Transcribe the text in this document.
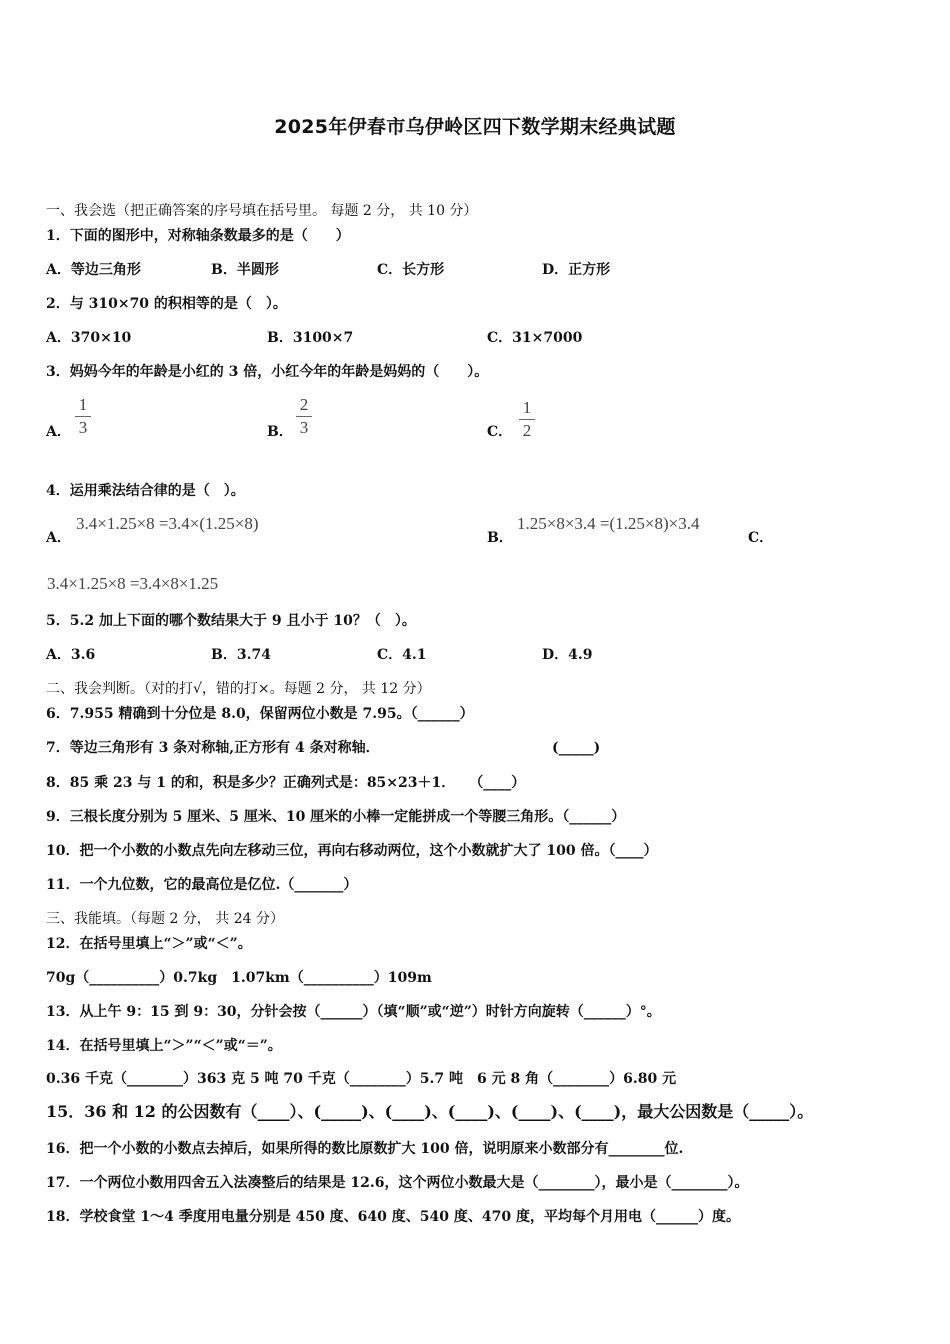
2025年伊春市乌伊岭区四下数学期末经典试题
一、我会选（把正确答案的序号填在括号里。 每题 2 分， 共 10 分）
1．下面的图形中，对称轴条数最多的是（　　）
A．等边三角形	B．半圆形	C．长方形	D．正方形
2．与 310×70 的积相等的是（　）。
A．370×10	B．3100×7	C．31×7000
3．妈妈今年的年龄是小红的 3 倍，小红今年的年龄是妈妈的（　　）。
A．
1
3	B．
2
3	C．
1
2
4．运用乘法结合律的是（　）。
A．
3.4×1.25×8 =3.4×(1.25×8)
B．
1.25×8×3.4 =(1.25×8)×3.4
C．
3.4×1.25×8 =3.4×8×1.25
5．5.2 加上下面的哪个数结果大于 9 且小于 10？（　）。
A．3.6	B．3.74	C．4.1	D．4.9
二、我会判断。（对的打√，错的打×。每题 2 分， 共 12 分）
6．7.955 精确到十分位是 8.0，保留两位小数是 7.95。（______）
7．等边三角形有 3 条对称轴,正方形有 4 条对称轴．	(_____)
8．85 乘 23 与 1 的和，积是多少？正确列式是：85×23＋1．　　（____）
9．三根长度分别为 5 厘米、5 厘米、10 厘米的小棒一定能拼成一个等腰三角形。（______）
10．把一个小数的小数点先向左移动三位，再向右移动两位，这个小数就扩大了 100 倍。（____）
11．一个九位数，它的最高位是亿位.（_______）
三、我能填。（每题 2 分， 共 24 分）
12．在括号里填上“＞”或“＜”。
70g（__________）0.7kg　1.07km（__________）109m
13．从上午 9：15 到 9：30，分针会按（______）（填“顺”或“逆”）时针方向旋转（______）°。
14．在括号里填上“＞”“＜”或“＝”。
0.36 千克（________）363 克 5 吨 70 千克（________）5.7 吨　6 元 8 角（________）6.80 元
15．36 和 12 的公因数有（____）、(_____)、(____)、(____)、(____)、(____)，最大公因数是（_____）。
16．把一个小数的小数点去掉后，如果所得的数比原数扩大 100 倍，说明原来小数部分有________位.
17．一个两位小数用四舍五入法凑整后的结果是 12.6，这个两位小数最大是（________），最小是（________）。
18．学校食堂 1～4 季度用电量分别是 450 度、640 度、540 度、470 度，平均每个月用电（______）度。
